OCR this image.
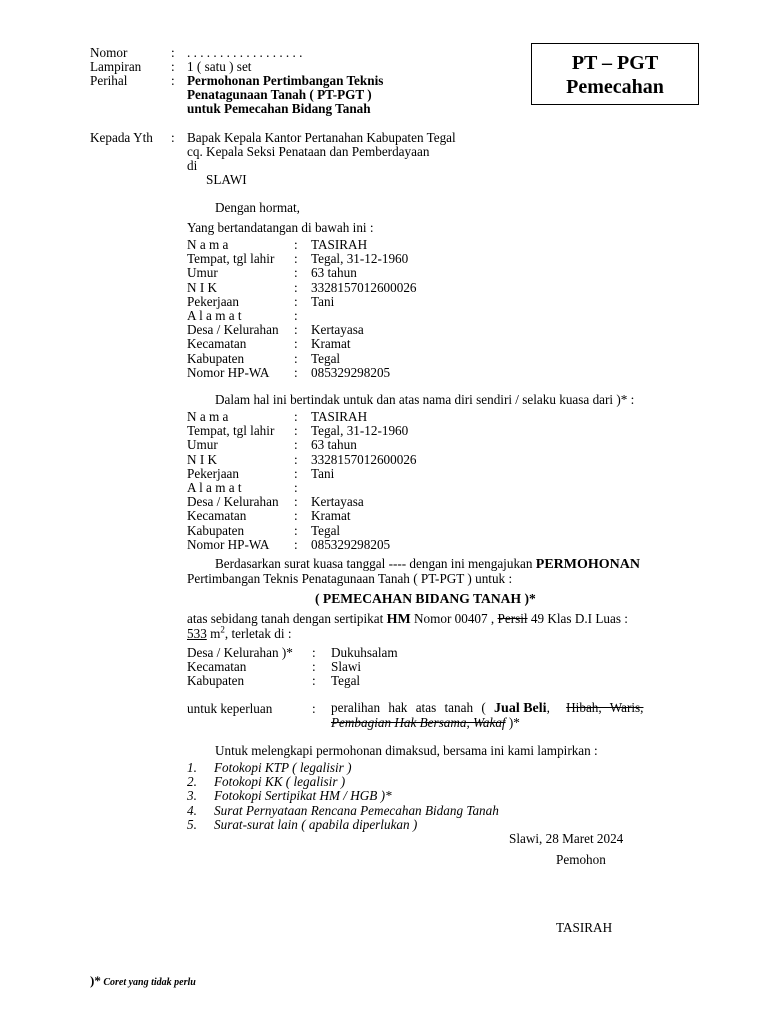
Nomor	: . . . . . . . . . . . . . . . . . .
Lampiran : 1 ( satu ) set
Perihal	: Permohonan Pertimbangan Teknis
Penatagunaan Tanah ( PT-PGT )
untuk Pemecahan Bidang Tanah
PT – PGT
Pemecahan
Kepada Yth : Bapak Kepala Kantor Pertanahan Kabupaten Tegal
cq. Kepala Seksi Penataan dan Pemberdayaan
di
SLAWI
Dengan hormat,
Yang bertandatangan di bawah ini :
N a m a	: TASIRAH
Tempat, tgl lahir : Tegal, 31-12-1960
Umur	: 63 tahun
N I K	: 3328157012600026
Pekerjaan	: Tani
A l a m a t	:
Desa / Kelurahan : Kertayasa
Kecamatan	: Kramat
Kabupaten	: Tegal
Nomor HP-WA : 085329298205
Dalam hal ini bertindak untuk dan atas nama diri sendiri / selaku kuasa dari )* :
N a m a	: TASIRAH
Tempat, tgl lahir : Tegal, 31-12-1960
Umur	: 63 tahun
N I K	: 3328157012600026
Pekerjaan	: Tani
A l a m a t	:
Desa / Kelurahan : Kertayasa
Kecamatan	: Kramat
Kabupaten	: Tegal
Nomor HP-WA : 085329298205
Berdasarkan surat kuasa tanggal ---- dengan ini mengajukan PERMOHONAN
Pertimbangan Teknis Penatagunaan Tanah ( PT-PGT ) untuk :
( PEMECAHAN BIDANG TANAH )*
atas sebidang tanah dengan sertipikat HM Nomor 00407 , Persil 49 Klas D.I Luas :
533 $m^2$, terletak di :
Desa / Kelurahan )* : Dukuhsalam
Kecamatan	: Slawi
Kabupaten	: Tegal
untuk keperluan	: peralihan hak atas tanah ( Jual Beli, Hibah, Waris,
Pembagian Hak Bersama, Wakaf )*
Untuk melengkapi permohonan dimaksud, bersama ini kami lampirkan :
1. Fotokopi KTP ( legalisir )
2. Fotokopi KK ( legalisir )
3. Fotokopi Sertipikat HM / HGB )*
4. Surat Pernyataan Rencana Pemecahan Bidang Tanah
5. Surat-surat lain ( apabila diperlukan )
Slawi, 28 Maret 2024
Pemohon
TASIRAH
)* Coret yang tidak perlu
